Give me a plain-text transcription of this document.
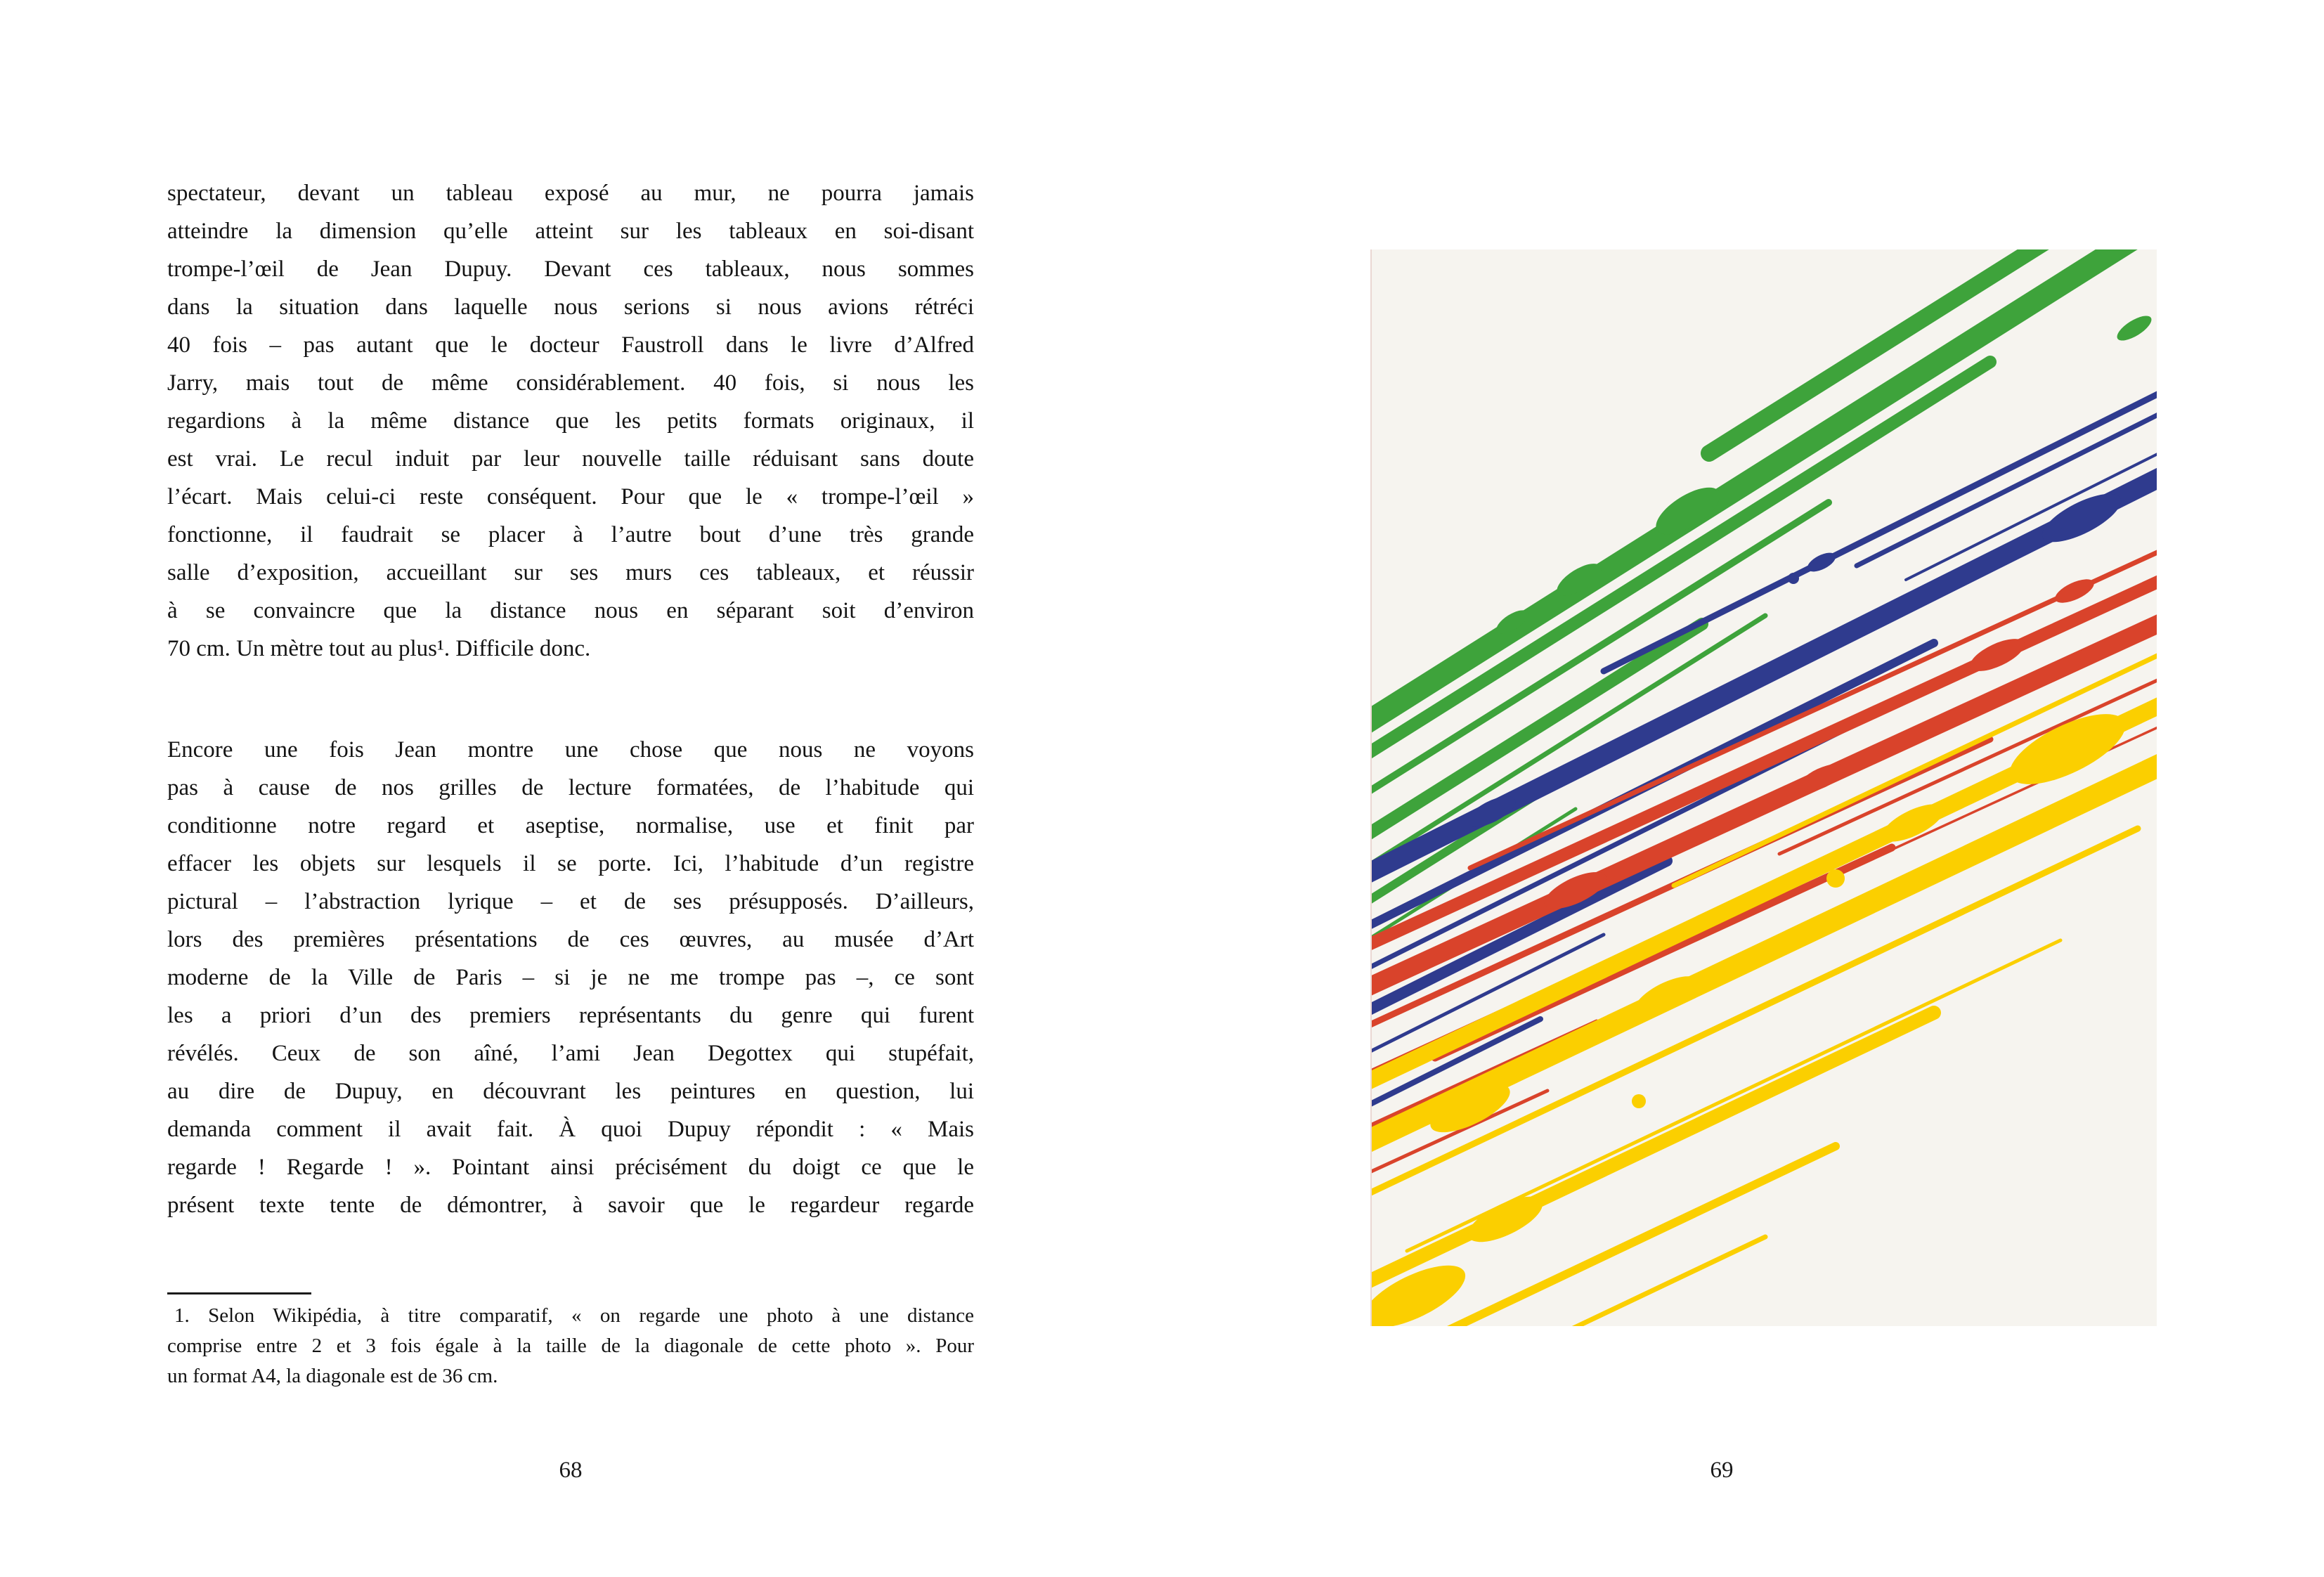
spectateur, devant un tableau exposé au mur, ne pourra jamais
atteindre la dimension qu’elle atteint sur les tableaux en soi-disant
trompe-l’œil de Jean Dupuy. Devant ces tableaux, nous sommes
dans la situation dans laquelle nous serions si nous avions rétréci
40 fois – pas autant que le docteur Faustroll dans le livre d’Alfred
Jarry, mais tout de même considérablement. 40 fois, si nous les
regardions à la même distance que les petits formats originaux, il
est vrai. Le recul induit par leur nouvelle taille réduisant sans doute
l’écart. Mais celui-ci reste conséquent. Pour que le « trompe-l’œil »
fonctionne, il faudrait se placer à l’autre bout d’une très grande
salle d’exposition, accueillant sur ses murs ces tableaux, et réussir
à se convaincre que la distance nous en séparant soit d’environ
70 cm. Un mètre tout au plus¹. Difficile donc.
Encore une fois Jean montre une chose que nous ne voyons
pas à cause de nos grilles de lecture formatées, de l’habitude qui
conditionne notre regard et aseptise, normalise, use et finit par
effacer les objets sur lesquels il se porte. Ici, l’habitude d’un registre
pictural – l’abstraction lyrique – et de ses présupposés. D’ailleurs,
lors des premières présentations de ces œuvres, au musée d’Art
moderne de la Ville de Paris – si je ne me trompe pas –, ce sont
les a priori d’un des premiers représentants du genre qui furent
révélés. Ceux de son aîné, l’ami Jean Degottex qui stupéfait,
au dire de Dupuy, en découvrant les peintures en question, lui
demanda comment il avait fait. À quoi Dupuy répondit : « Mais
regarde ! Regarde ! ». Pointant ainsi précisément du doigt ce que le
présent texte tente de démontrer, à savoir que le regardeur regarde
1. Selon Wikipédia, à titre comparatif, « on regarde une photo à une distance
comprise entre 2 et 3 fois égale à la taille de la diagonale de cette photo ». Pour
un format A4, la diagonale est de 36 cm.
68	69
